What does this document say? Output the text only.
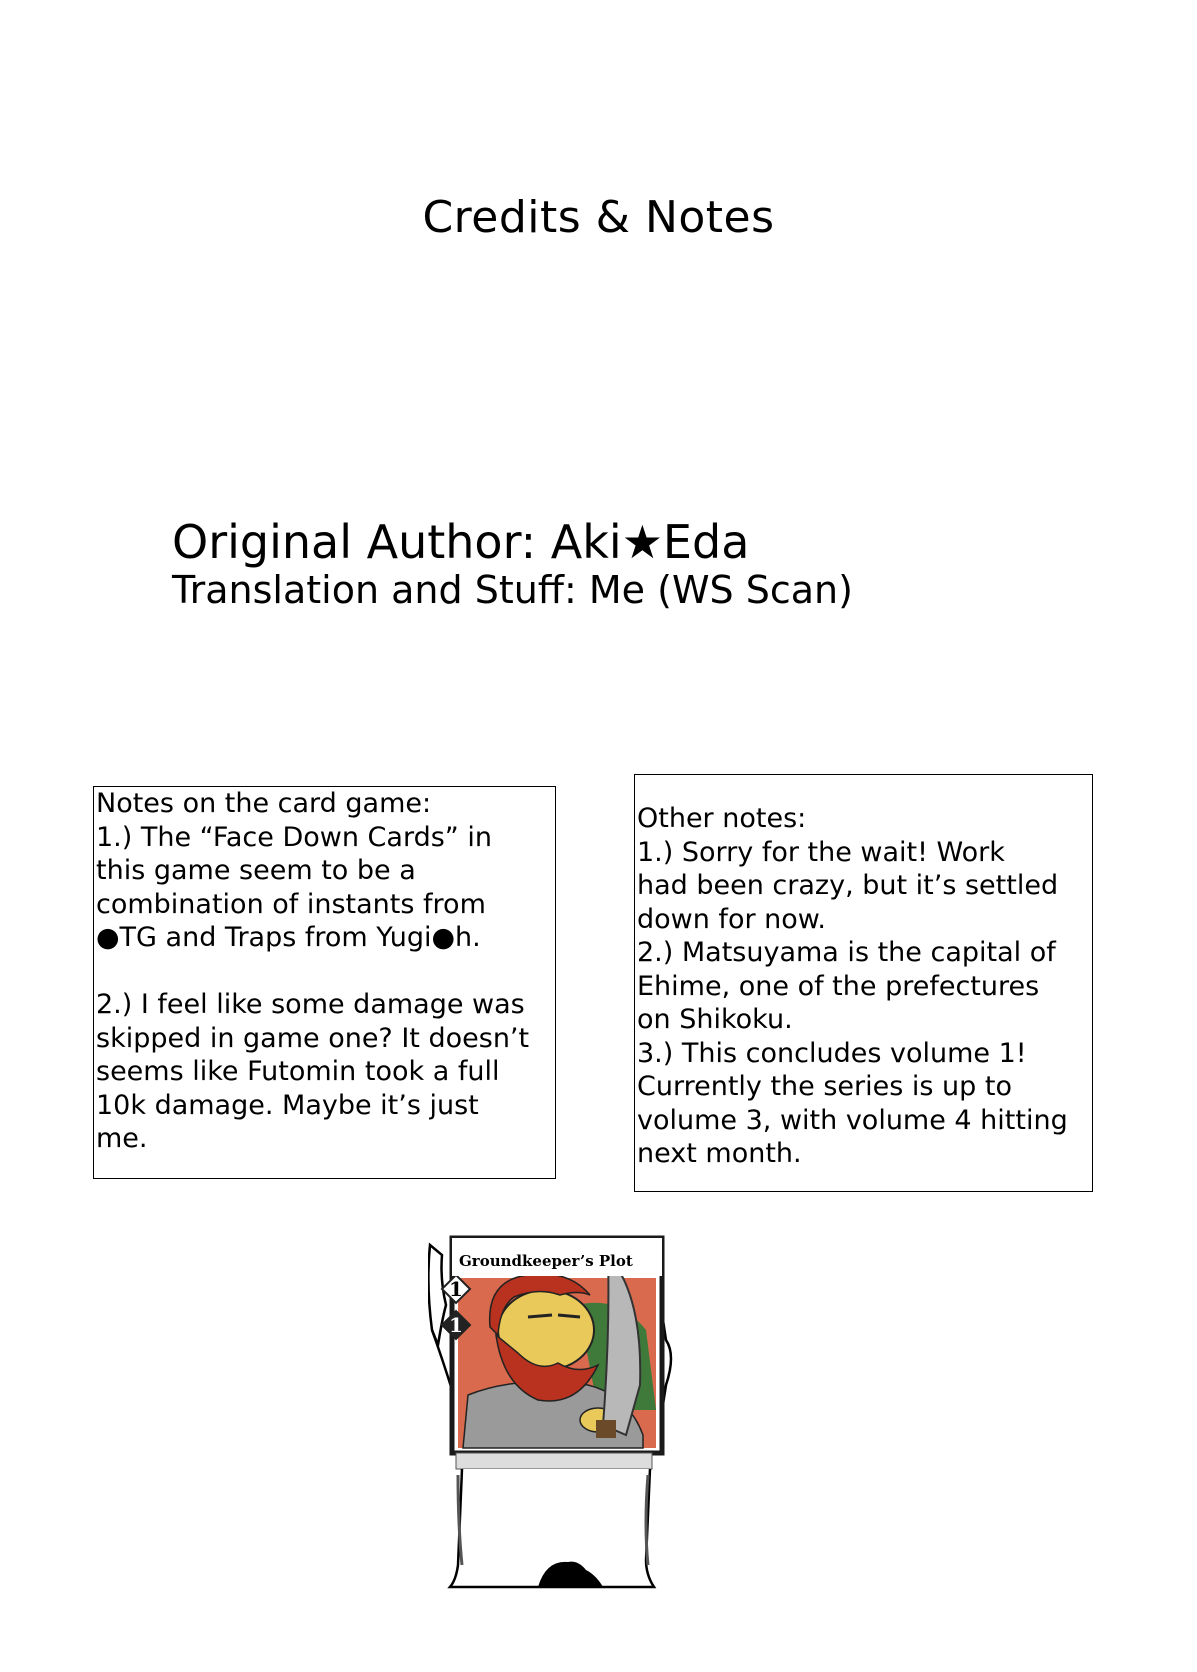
Credits & Notes
Original Author: Aki★Eda
Translation and Stuff: Me (WS Scan)
Notes on the card game:
1.) The “Face Down Cards” in
this game seem to be a
combination of instants from
●TG and Traps from Yugi●h.
2.) I feel like some damage was
skipped in game one? It doesn’t
seems like Futomin took a full
10k damage. Maybe it’s just
me.
Other notes:
1.) Sorry for the wait! Work
had been crazy, but it’s settled
down for now.
2.) Matsuyama is the capital of
Ehime, one of the prefectures
on Shikoku.
3.) This concludes volume 1!
Currently the series is up to
volume 3, with volume 4 hitting
next month.
1
1
Groundkeeper’s Plot
